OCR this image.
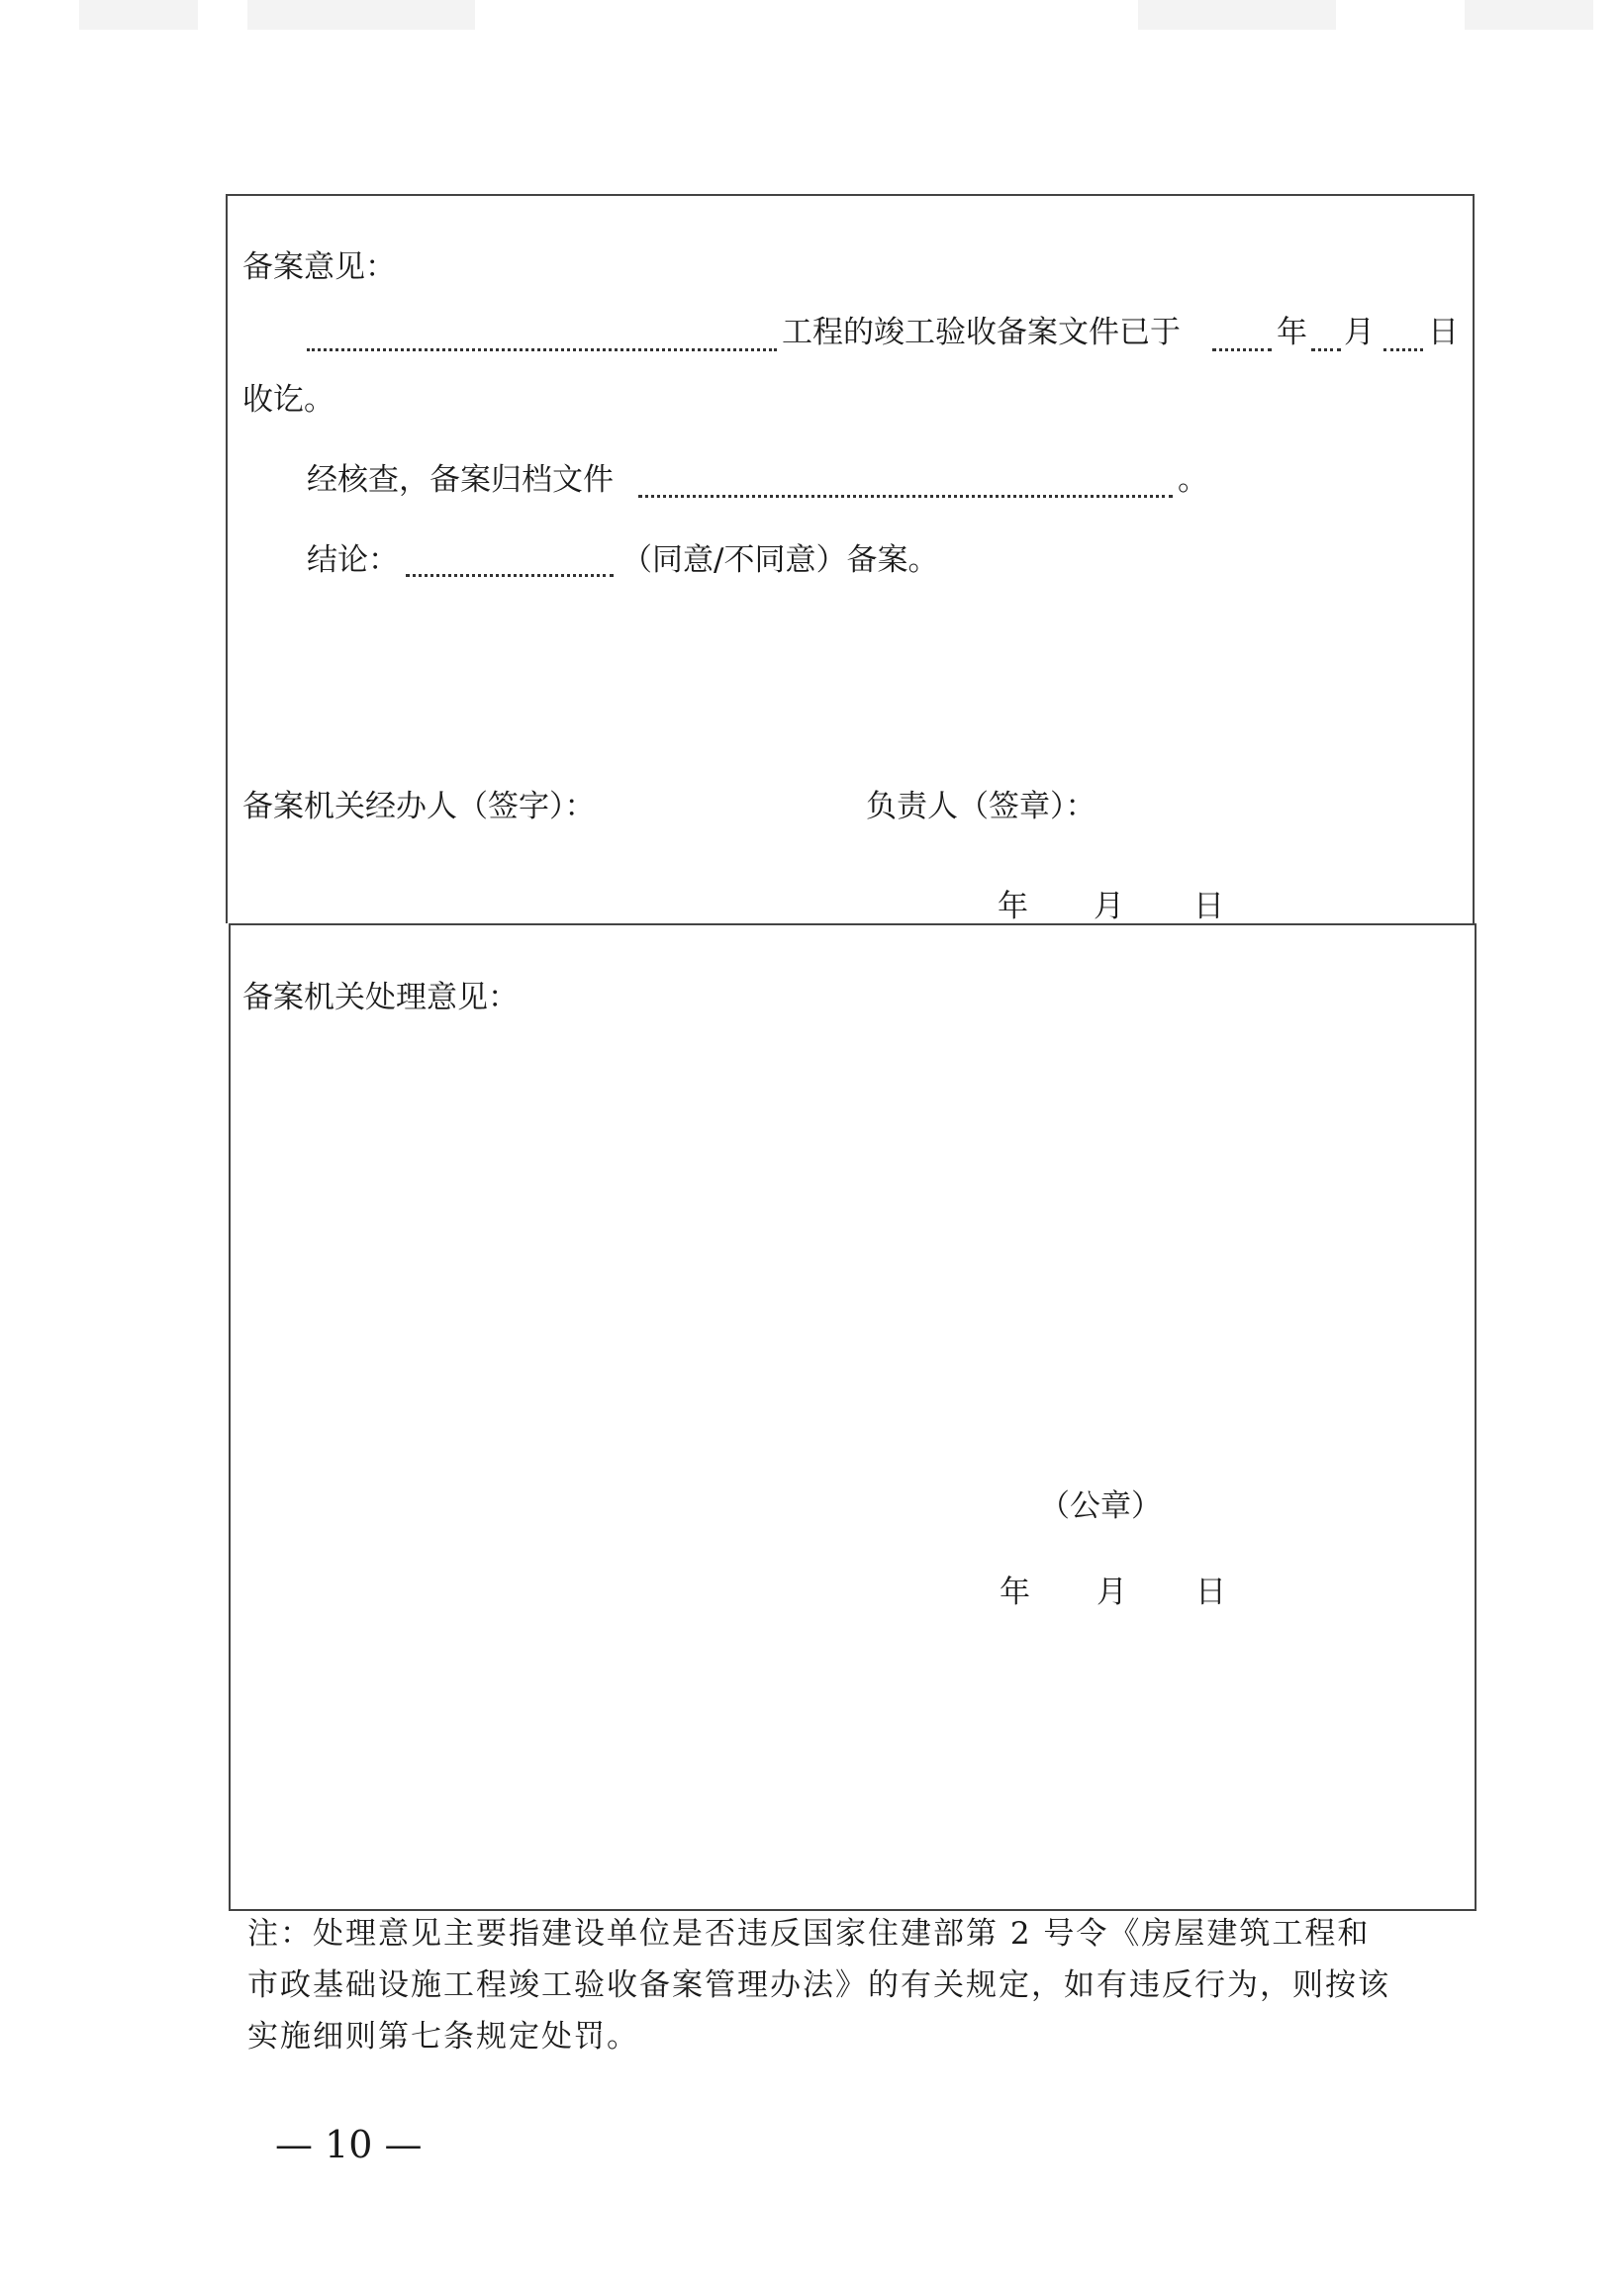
备案意见：
工程的竣工验收备案文件已于	年 月 日
收讫。
经核查，备案归档文件	。
结论：	（同意/不同意）备案。
备案机关经办人（签字）：	负责人（签章）：
年 月 日
备案机关处理意见：
（公章）
年 月 日
注：处理意见主要指建设单位是否违反国家住建部第 2 号令《房屋建筑工程和市政基础设施工程竣工验收备案管理办法》的有关规定，如有违反行为，则按该实施细则第七条规定处罚。
— 10 —
